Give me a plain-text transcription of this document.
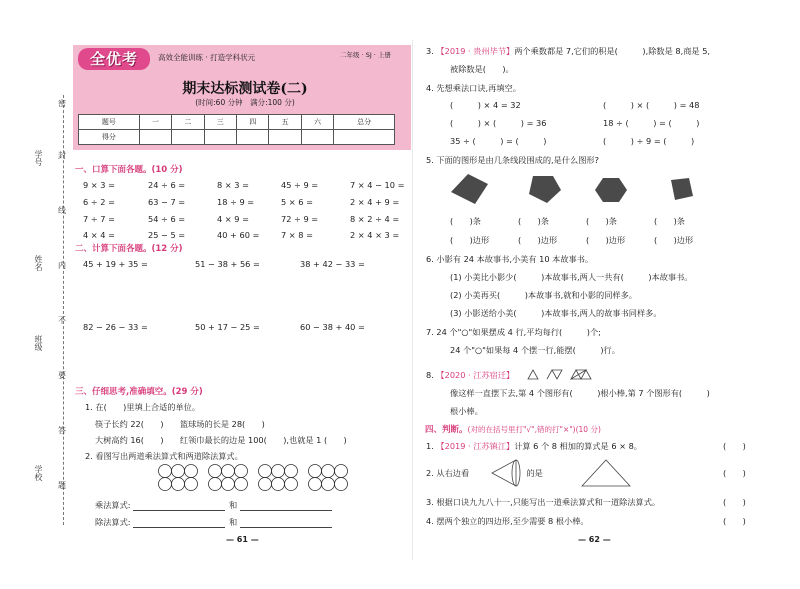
学号
姓名
班级
学校
密
封
线
内
不
要
答
题
全优考	高效全能训练 · 打造学科状元	二年级 · SJ · 上册
期末达标测试卷(二)
(时间:60 分钟　满分:100 分)
题号	一	二	三	四	五	六	总分
得分							
一、口算下面各题。(10 分)
9 × 3 =	24 ÷ 6 =	8 × 3 =	45 ÷ 9 =	7 × 4 − 10 =
6 ÷ 2 =	63 − 7 =	18 ÷ 9 =	5 × 6 =	2 × 4 + 9 =
7 ÷ 7 =	54 ÷ 6 =	4 × 9 =	72 ÷ 9 =	8 × 2 ÷ 4 =
4 × 4 =	25 − 5 =	40 + 60 =	7 × 8 =	2 × 4 × 3 =
二、计算下面各题。(12 分)
45 + 19 + 35 =	51 − 38 + 56 =	38 + 42 − 33 =
82 − 26 − 33 =	50 + 17 − 25 =	60 − 38 + 40 =
三、仔细思考,准确填空。(29 分)
1. 在(　　)里填上合适的单位。
筷子长约 22(　　)　　篮球场的长是 28(　　)
大树高约 16(　　)　　红领巾最长的边是 100(　　),也就是 1 (　　)
2. 看图写出两道乘法算式和两道除法算式。
乘法算式:	和
除法算式:	和
— 61 —
3. 【2019 · 贵州毕节】两个乘数都是 7,它们的积是(　　　),除数是 8,商是 5,
被除数是(　　)。
4. 先想乘法口诀,再填空。
(　　　) × 4 = 32	(　　　) × (　　　) = 48
(　　　) × (　　　) = 36	18 ÷ (　　　) = (　　　)
35 ÷ (　　　) = (　　　)	(　　　) ÷ 9 = (　　　)
5. 下面的图形是由几条线段围成的,是什么图形?
(　　)条	(　　)条	(　　)条	(　　)条
(　　)边形	(　　)边形	(　　)边形	(　　)边形
6. 小影有 24 本故事书,小美有 10 本故事书。
(1) 小美比小影少(　　　)本故事书,两人一共有(　　　)本故事书。
(2) 小美再买(　　　)本故事书,就和小影的同样多。
(3) 小影送给小美(　　　)本故事书,两人的故事书同样多。
7. 24 个"○"如果摆成 4 行,平均每行(　　　)个;
24 个"○"如果每 4 个摆一行,能摆(　　　)行。
8. 【2020 · 江苏宿迁】
像这样一直摆下去,第 4 个图形有(　　　)根小棒,第 7 个图形有(　　　)
根小棒。
四、判断。(对的在括号里打"√",错的打"×")(10 分)
1. 【2019 · 江苏镇江】计算 6 个 8 相加的算式是 6 × 8。	(　　)
2. 从右边看　　　　　　　的是	(　　)
3. 根据口诀九九八十一,只能写出一道乘法算式和一道除法算式。	(　　)
4. 摆两个独立的四边形,至少需要 8 根小棒。	(　　)
— 62 —
